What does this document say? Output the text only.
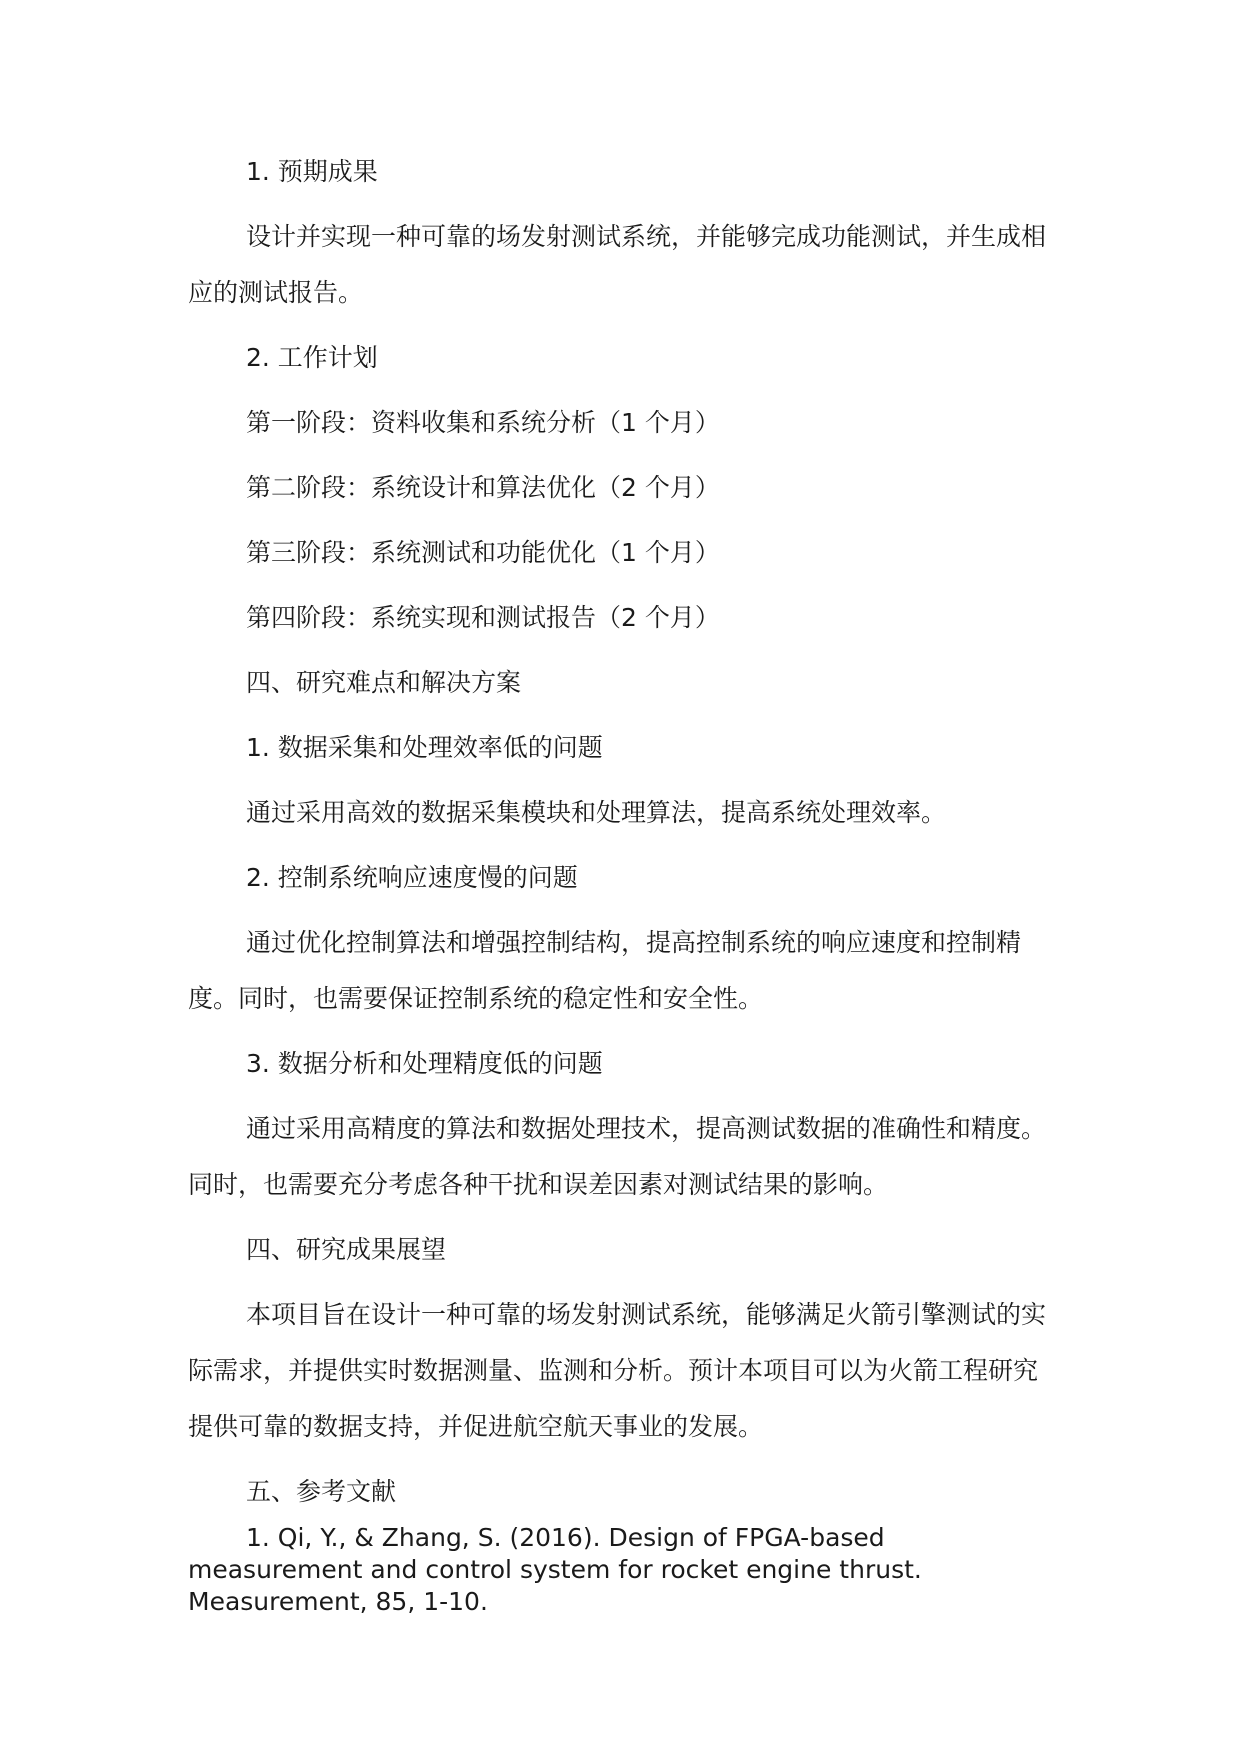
1. 预期成果

设计并实现一种可靠的场发射测试系统，并能够完成功能测试，并生成相应的测试报告。

2. 工作计划

第一阶段：资料收集和系统分析（1 个月）

第二阶段：系统设计和算法优化（2 个月）

第三阶段：系统测试和功能优化（1 个月）

第四阶段：系统实现和测试报告（2 个月）

四、研究难点和解决方案

1. 数据采集和处理效率低的问题

通过采用高效的数据采集模块和处理算法，提高系统处理效率。

2. 控制系统响应速度慢的问题

通过优化控制算法和增强控制结构，提高控制系统的响应速度和控制精度。同时，也需要保证控制系统的稳定性和安全性。

3. 数据分析和处理精度低的问题

通过采用高精度的算法和数据处理技术，提高测试数据的准确性和精度。同时，也需要充分考虑各种干扰和误差因素对测试结果的影响。

四、研究成果展望

本项目旨在设计一种可靠的场发射测试系统，能够满足火箭引擎测试的实际需求，并提供实时数据测量、监测和分析。预计本项目可以为火箭工程研究提供可靠的数据支持，并促进航空航天事业的发展。

五、参考文献

1. Qi, Y., & Zhang, S. (2016). Design of FPGA-based measurement and control system for rocket engine thrust. Measurement, 85, 1-10.
